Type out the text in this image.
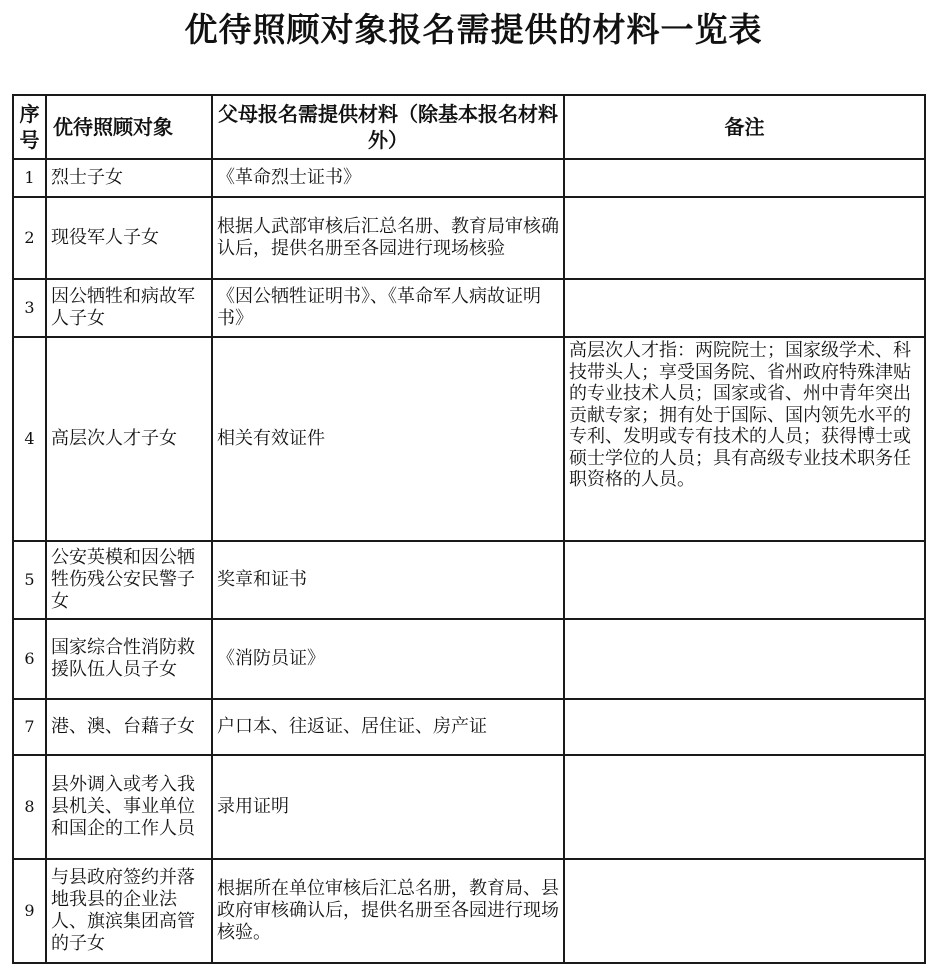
优待照顾对象报名需提供的材料一览表
序号	优待照顾对象	父母报名需提供材料（除基本报名材料外）	备注
1	烈士子女	《革命烈士证书》	
2	现役军人子女	根据人武部审核后汇总名册、教育局审核确认后，提供名册至各园进行现场核验	
3	因公牺牲和病故军人子女	《因公牺牲证明书》、《革命军人病故证明书》	
4	高层次人才子女	相关有效证件	高层次人才指：两院院士；国家级学术、科技带头人；享受国务院、省州政府特殊津贴的专业技术人员；国家或省、州中青年突出贡献专家；拥有处于国际、国内领先水平的专利、发明或专有技术的人员；获得博士或硕士学位的人员；具有高级专业技术职务任职资格的人员。
5	公安英模和因公牺牲伤残公安民警子女	奖章和证书	
6	国家综合性消防救援队伍人员子女	《消防员证》	
7	港、澳、台藉子女	户口本、往返证、居住证、房产证	
8	县外调入或考入我县机关、事业单位和国企的工作人员	录用证明	
9	与县政府签约并落地我县的企业法人、旗滨集团高管的子女	根据所在单位审核后汇总名册，教育局、县政府审核确认后，提供名册至各园进行现场核验。	
